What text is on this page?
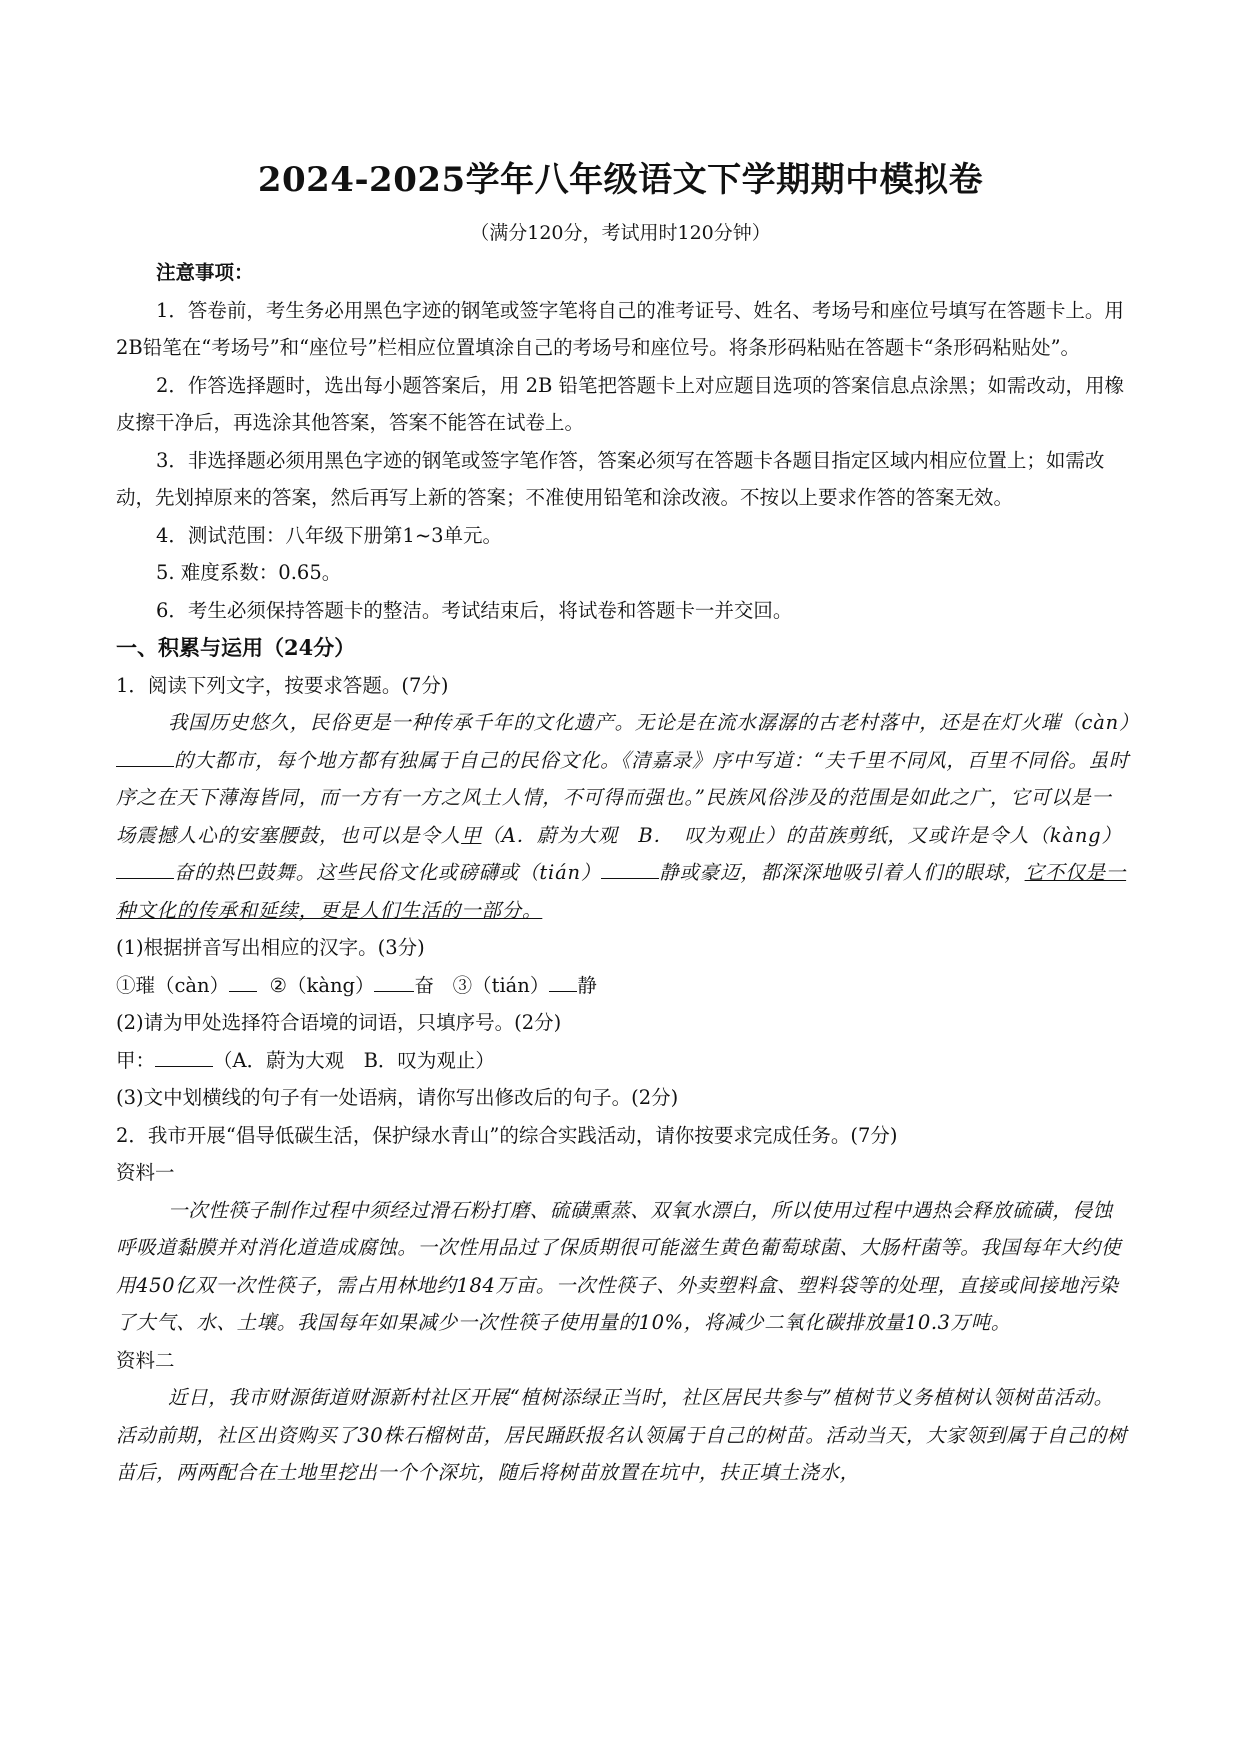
2024-2025学年八年级语文下学期期中模拟卷
（满分120分，考试用时120分钟）

注意事项：

1．答卷前，考生务必用黑色字迹的钢笔或签字笔将自己的准考证号、姓名、考场号和座位号填写在答题卡上。用2B铅笔在“考场号”和“座位号”栏相应位置填涂自己的考场号和座位号。将条形码粘贴在答题卡“条形码粘贴处”。

2．作答选择题时，选出每小题答案后，用 2B 铅笔把答题卡上对应题目选项的答案信息点涂黑；如需改动，用橡皮擦干净后，再选涂其他答案，答案不能答在试卷上。

3．非选择题必须用黑色字迹的钢笔或签字笔作答，答案必须写在答题卡各题目指定区域内相应位置上；如需改动，先划掉原来的答案，然后再写上新的答案；不准使用铅笔和涂改液。不按以上要求作答的答案无效。

4．测试范围：八年级下册第1~3单元。

5. 难度系数：0.65。

6．考生必须保持答题卡的整洁。考试结束后，将试卷和答题卡一并交回。

一、积累与运用（24分）

1．阅读下列文字，按要求答题。(7分)

我国历史悠久，民俗更是一种传承千年的文化遗产。无论是在流水潺潺的古老村落中，还是在灯火璀（càn）的大都市，每个地方都有独属于自己的民俗文化。《清嘉录》序中写道：“夫千里不同风，百里不同俗。虽时序之在天下薄海皆同，而一方有一方之风土人情，不可得而强也。”民族风俗涉及的范围是如此之广，它可以是一场震撼人心的安塞腰鼓，也可以是令人甲（A．蔚为大观　B．　叹为观止）的苗族剪纸，又或许是令人（kàng）奋的热巴鼓舞。这些民俗文化或磅礴或（tián）	静或豪迈，都深深地吸引着人们的眼球，它不仅是一种文化的传承和延续，更是人们生活的一部分。

(1)根据拼音写出相应的汉字。(3分)

①璀（càn） ②（kàng） 奋 ③（tián） 静

(2)请为甲处选择符合语境的词语，只填序号。(2分)

甲：	（A．蔚为大观　B．叹为观止）

(3)文中划横线的句子有一处语病，请你写出修改后的句子。(2分)

2．我市开展“倡导低碳生活，保护绿水青山”的综合实践活动，请你按要求完成任务。(7分)

资料一

一次性筷子制作过程中须经过滑石粉打磨、硫磺熏蒸、双氧水漂白，所以使用过程中遇热会释放硫磺，侵蚀呼吸道黏膜并对消化道造成腐蚀。一次性用品过了保质期很可能滋生黄色葡萄球菌、大肠杆菌等。我国每年大约使用450亿双一次性筷子，需占用林地约184万亩。一次性筷子、外卖塑料盒、塑料袋等的处理，直接或间接地污染了大气、水、土壤。我国每年如果减少一次性筷子使用量的10%，将减少二氧化碳排放量10.3万吨。

资料二

近日，我市财源街道财源新村社区开展“植树添绿正当时，社区居民共参与”植树节义务植树认领树苗活动。活动前期，社区出资购买了30株石榴树苗，居民踊跃报名认领属于自己的树苗。活动当天，大家领到属于自己的树苗后，两两配合在土地里挖出一个个深坑，随后将树苗放置在坑中，扶正填土浇水，
